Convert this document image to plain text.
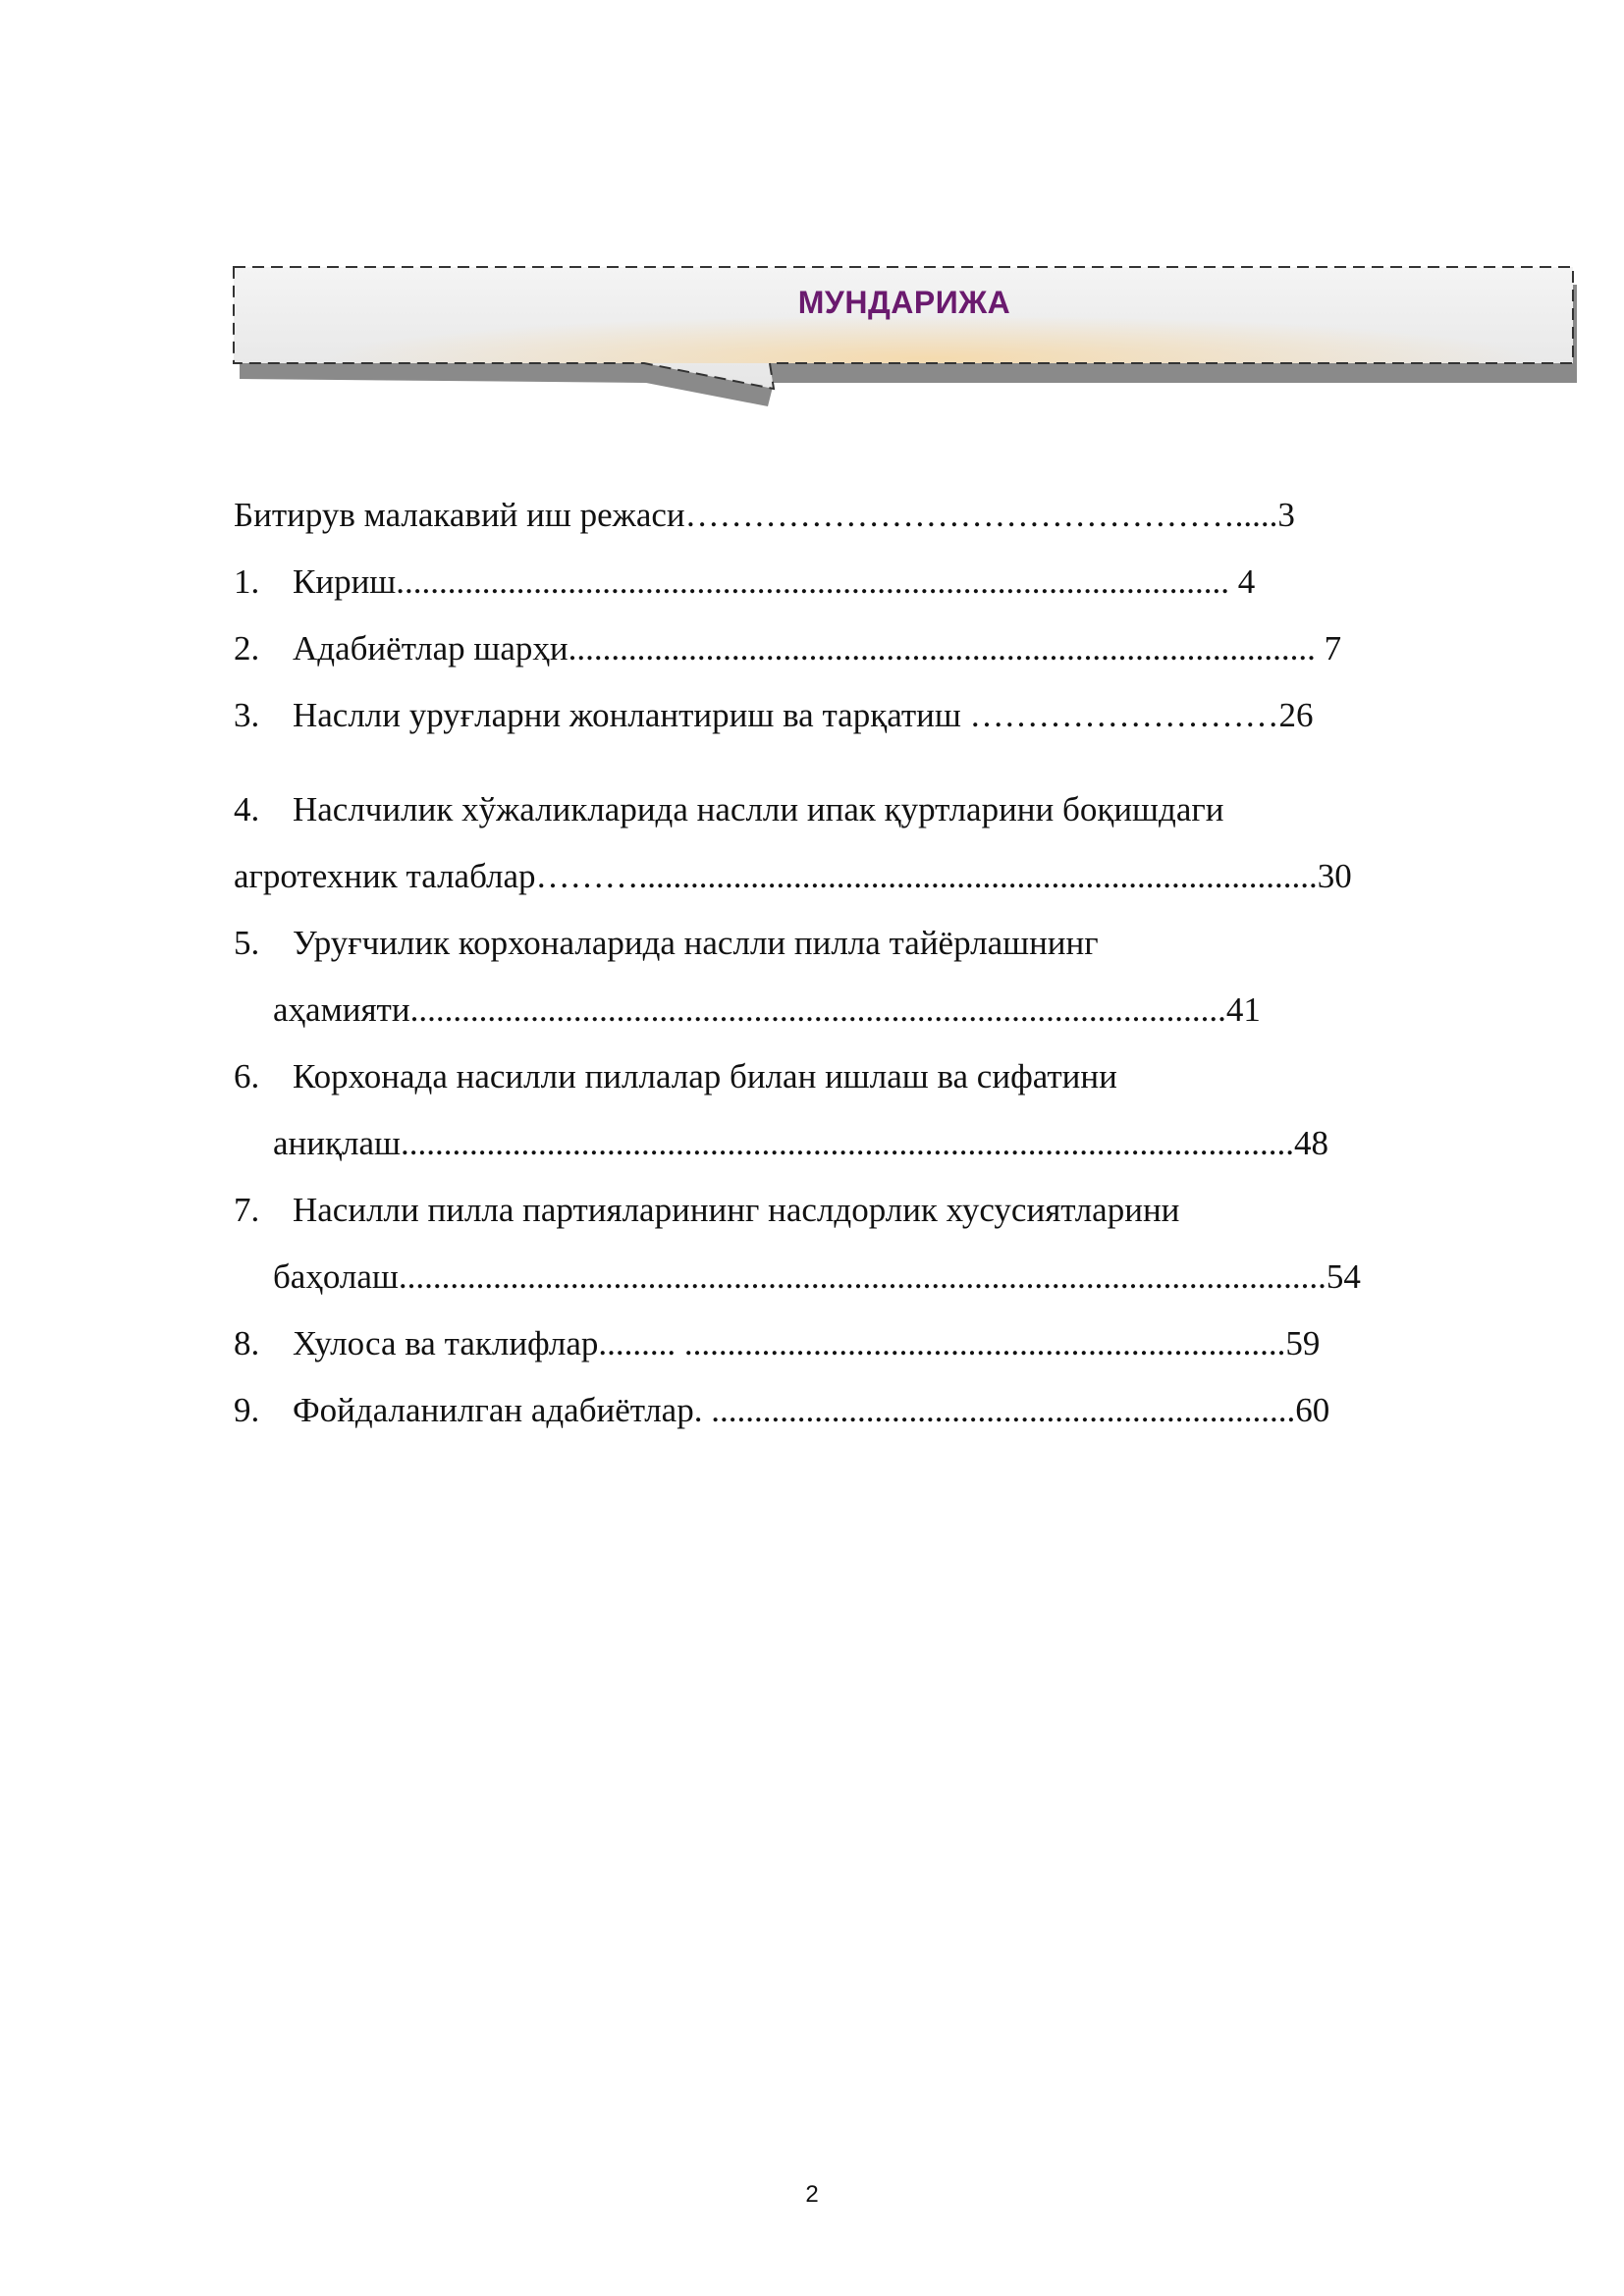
МУНДАРИЖА
Битирув малакавий иш режаси………………………………………….....3
1. Кириш................................................................................................. 4
2. Адабиётлар шарҳи....................................................................................... 7
3. Наслли уруғларни жонлантириш ва тарқатиш ………………………26
4. Наслчилик хўжаликларида наслли ипак қуртларини боқишдаги
агротехник талаблар………...............................................................................30
5. Уруғчилик корхоналарида наслли пилла тайёрлашнинг
аҳамияти...............................................................................................41
6. Корхонада насилли пиллалар билан ишлаш ва сифатини
аниқлаш........................................................................................................48
7. Насилли пилла партияларининг наслдорлик хусусиятларини
баҳолаш............................................................................................................54
8. Хулоса ва таклифлар......... ......................................................................59
9. Фойдаланилган адабиётлар. ....................................................................60
2
